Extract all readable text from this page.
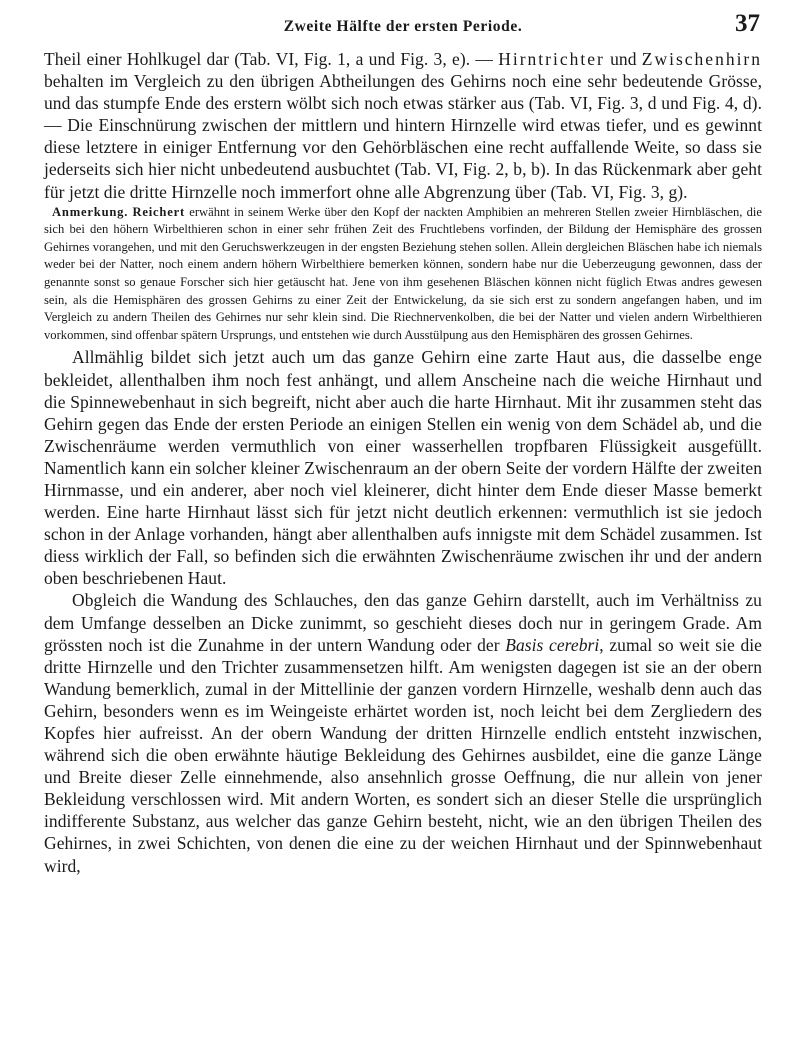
Zweite Hälfte der ersten Periode.	37

Theil einer Hohlkugel dar (Tab. VI, Fig. 1, a und Fig. 3, e). — Hirntrichter und Zwischenhirn behalten im Vergleich zu den übrigen Abtheilungen des Gehirns noch eine sehr bedeutende Grösse, und das stumpfe Ende des erstern wölbt sich noch etwas stärker aus (Tab. VI, Fig. 3, d und Fig. 4, d). — Die Einschnürung zwischen der mittlern und hintern Hirnzelle wird etwas tiefer, und es gewinnt diese letztere in einiger Entfernung vor den Gehörbläschen eine recht auffallende Weite, so dass sie jederseits sich hier nicht unbedeutend ausbuchtet (Tab. VI, Fig. 2, b, b). In das Rückenmark aber geht für jetzt die dritte Hirnzelle noch immerfort ohne alle Abgrenzung über (Tab. VI, Fig. 3, g).

Anmerkung. Reichert erwähnt in seinem Werke über den Kopf der nackten Amphibien an mehreren Stellen zweier Hirnbläschen, die sich bei den höhern Wirbelthieren schon in einer sehr frühen Zeit des Fruchtlebens vorfinden, der Bildung der Hemisphäre des grossen Gehirnes vorangehen, und mit den Geruchswerkzeugen in der engsten Beziehung stehen sollen. Allein dergleichen Bläschen habe ich niemals weder bei der Natter, noch einem andern höhern Wirbelthiere bemerken können, sondern habe nur die Ueberzeugung gewonnen, dass der genannte sonst so genaue Forscher sich hier getäuscht hat. Jene von ihm gesehenen Bläschen können nicht füglich Etwas andres gewesen sein, als die Hemisphären des grossen Gehirns zu einer Zeit der Entwickelung, da sie sich erst zu sondern angefangen haben, und im Vergleich zu andern Theilen des Gehirnes nur sehr klein sind. Die Riechnervenkolben, die bei der Natter und vielen andern Wirbelthieren vorkommen, sind offenbar spätern Ursprungs, und entstehen wie durch Ausstülpung aus den Hemisphären des grossen Gehirnes.

Allmählig bildet sich jetzt auch um das ganze Gehirn eine zarte Haut aus, die dasselbe enge bekleidet, allenthalben ihm noch fest anhängt, und allem Anscheine nach die weiche Hirnhaut und die Spinnewebenhaut in sich begreift, nicht aber auch die harte Hirnhaut. Mit ihr zusammen steht das Gehirn gegen das Ende der ersten Periode an einigen Stellen ein wenig von dem Schädel ab, und die Zwischenräume werden vermuthlich von einer wasserhellen tropfbaren Flüssigkeit ausgefüllt. Namentlich kann ein solcher kleiner Zwischenraum an der obern Seite der vordern Hälfte der zweiten Hirnmasse, und ein anderer, aber noch viel kleinerer, dicht hinter dem Ende dieser Masse bemerkt werden. Eine harte Hirnhaut lässt sich für jetzt nicht deutlich erkennen: vermuthlich ist sie jedoch schon in der Anlage vorhanden, hängt aber allenthalben aufs innigste mit dem Schädel zusammen. Ist diess wirklich der Fall, so befinden sich die erwähnten Zwischenräume zwischen ihr und der andern oben beschriebenen Haut.

Obgleich die Wandung des Schlauches, den das ganze Gehirn darstellt, auch im Verhältniss zu dem Umfange desselben an Dicke zunimmt, so geschieht dieses doch nur in geringem Grade. Am grössten noch ist die Zunahme in der untern Wandung oder der Basis cerebri, zumal so weit sie die dritte Hirnzelle und den Trichter zusammensetzen hilft. Am wenigsten dagegen ist sie an der obern Wandung bemerklich, zumal in der Mittellinie der ganzen vordern Hirnzelle, weshalb denn auch das Gehirn, besonders wenn es im Weingeiste erhärtet worden ist, noch leicht bei dem Zergliedern des Kopfes hier aufreisst. An der obern Wandung der dritten Hirnzelle endlich entsteht inzwischen, während sich die oben erwähnte häutige Bekleidung des Gehirnes ausbildet, eine die ganze Länge und Breite dieser Zelle einnehmende, also ansehnlich grosse Oeffnung, die nur allein von jener Bekleidung verschlossen wird. Mit andern Worten, es sondert sich an dieser Stelle die ursprünglich indifferente Substanz, aus welcher das ganze Gehirn besteht, nicht, wie an den übrigen Theilen des Gehirnes, in zwei Schichten, von denen die eine zu der weichen Hirnhaut und der Spinnwebenhaut wird,
